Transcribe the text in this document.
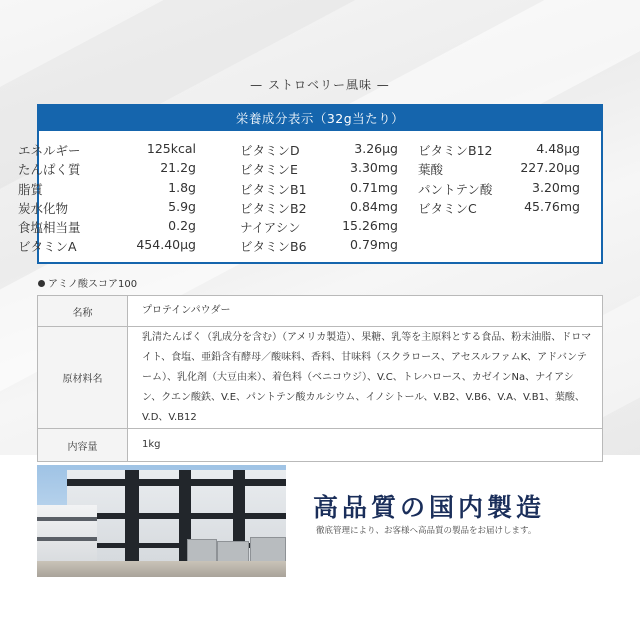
— ストロベリー風味 —
栄養成分表示（32g当たり）
エネルギー	125kcal
たんぱく質	21.2g
脂質	1.8g
炭水化物	5.9g
食塩相当量	0.2g
ビタミンA	454.40μg
ビタミンD	3.26μg
ビタミンE	3.30mg
ビタミンB1	0.71mg
ビタミンB2	0.84mg
ナイアシン	15.26mg
ビタミンB6	0.79mg
ビタミンB12	4.48μg
葉酸	227.20μg
パントテン酸	3.20mg
ビタミンC	45.76mg
アミノ酸スコア100
名称	プロテインパウダー
原材料名	乳清たんぱく（乳成分を含む）（アメリカ製造）、果糖、乳等を主原料とする食品、粉末油脂、ドロマイト、食塩、亜鉛含有酵母／酸味料、香料、甘味料（スクラロース、アセスルファムK、アドバンテーム）、乳化剤（大豆由来）、着色料（ベニコウジ）、V.C、トレハロース、カゼインNa、ナイアシン、クエン酸鉄、V.E、パントテン酸カルシウム、イノシトール、V.B2、V.B6、V.A、V.B1、葉酸、V.D、V.B12
内容量	1kg
高品質の国内製造
徹底管理により、お客様へ高品質の製品をお届けします。
